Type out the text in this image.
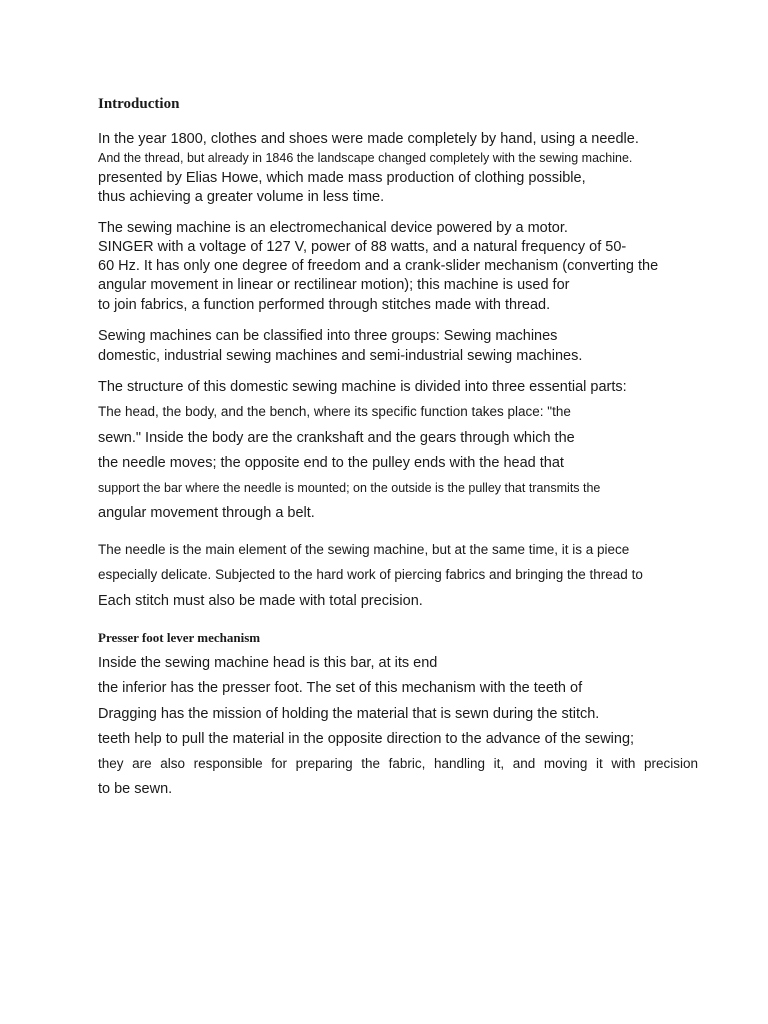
Introduction

In the year 1800, clothes and shoes were made completely by hand, using a needle.

And the thread, but already in 1846 the landscape changed completely with the sewing machine.

presented by Elias Howe, which made mass production of clothing possible,

thus achieving a greater volume in less time.

The sewing machine is an electromechanical device powered by a motor.

SINGER with a voltage of 127 V, power of 88 watts, and a natural frequency of 50-

60 Hz. It has only one degree of freedom and a crank-slider mechanism (converting the

angular movement in linear or rectilinear motion); this machine is used for

to join fabrics, a function performed through stitches made with thread.

Sewing machines can be classified into three groups: Sewing machines

domestic, industrial sewing machines and semi-industrial sewing machines.

The structure of this domestic sewing machine is divided into three essential parts:

The head, the body, and the bench, where its specific function takes place: "the

sewn." Inside the body are the crankshaft and the gears through which the

the needle moves; the opposite end to the pulley ends with the head that

support the bar where the needle is mounted; on the outside is the pulley that transmits the

angular movement through a belt.

The needle is the main element of the sewing machine, but at the same time, it is a piece

especially delicate. Subjected to the hard work of piercing fabrics and bringing the thread to

Each stitch must also be made with total precision.

Presser foot lever mechanism

Inside the sewing machine head is this bar, at its end

the inferior has the presser foot. The set of this mechanism with the teeth of

Dragging has the mission of holding the material that is sewn during the stitch.

teeth help to pull the material in the opposite direction to the advance of the sewing;

they are also responsible for preparing the fabric, handling it, and moving it with precision

to be sewn.
